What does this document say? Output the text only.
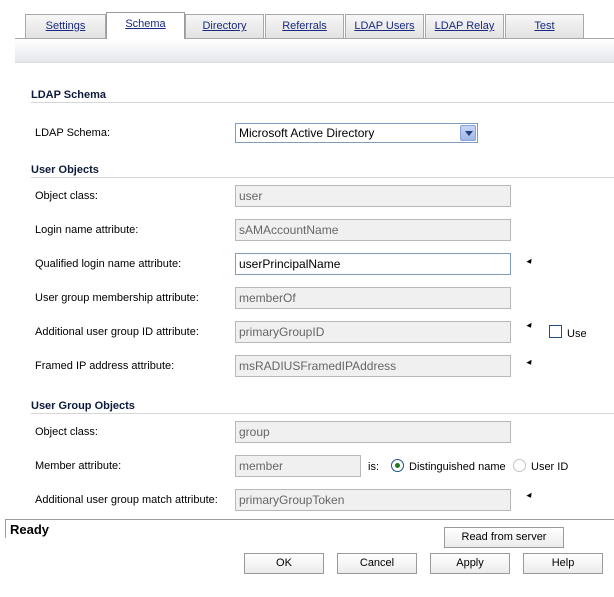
Settings	Schema	Directory	Referrals	LDAP Users	LDAP Relay	Test
LDAP Schema
LDAP Schema:	Microsoft Active Directory
User Objects
Object class:
user
Login name attribute:
sAMAccountName
Qualified login name attribute:
userPrincipalName
User group membership attribute:
memberOf
Additional user group ID attribute:
primaryGroupID	Use
Framed IP address attribute:
msRADIUSFramedIPAddress
User Group Objects
Object class:
group
Member attribute:
member	is:	Distinguished name User ID
Additional user group match attribute:
primaryGroupToken
Ready	Read from server
OK	Cancel	Apply	Help
